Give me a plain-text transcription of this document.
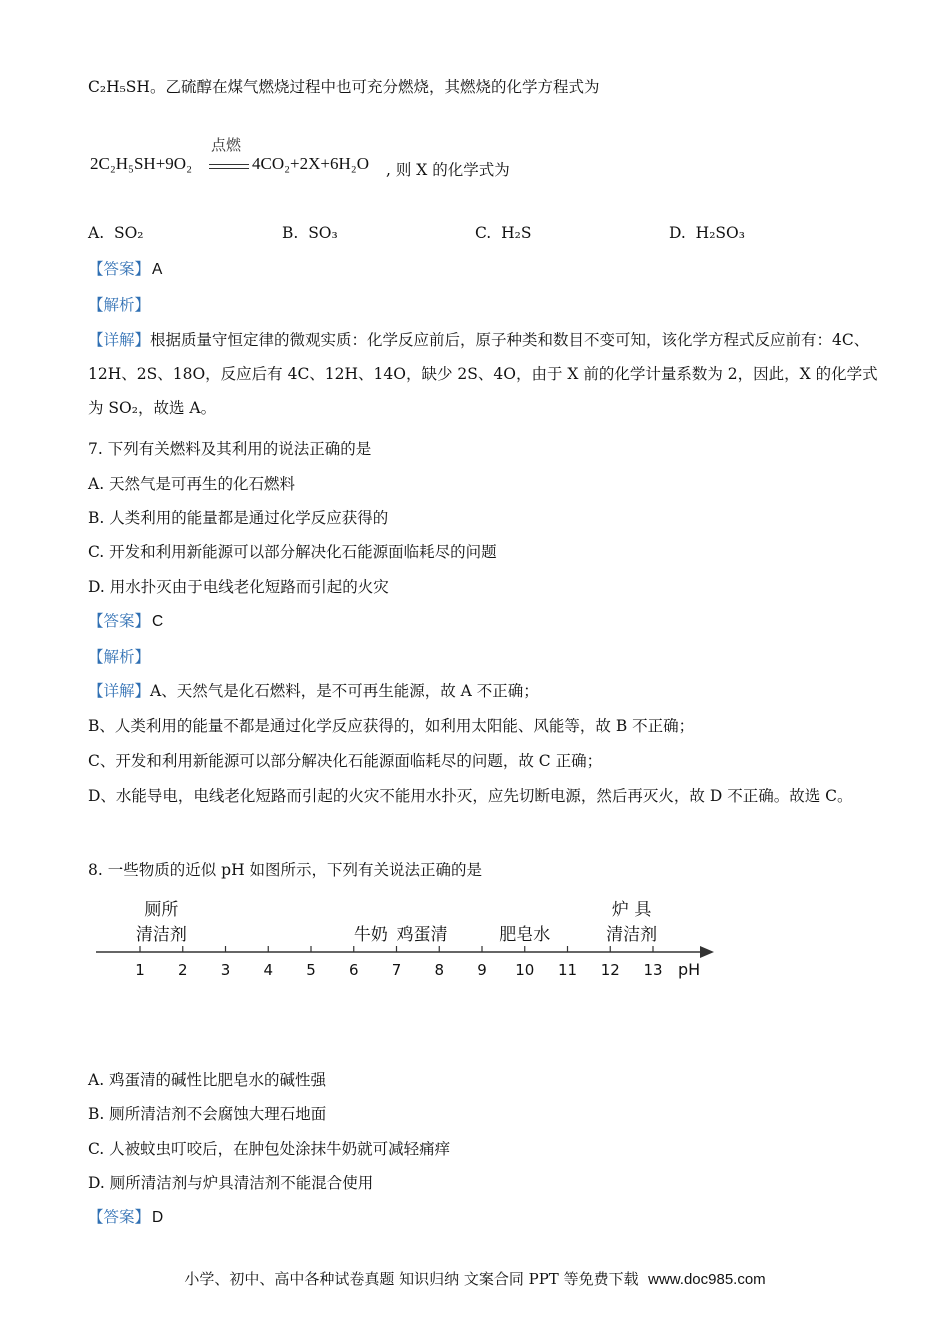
C₂H₅SH。乙硫醇在煤气燃烧过程中也可充分燃烧，其燃烧的化学方程式为
2C₂H₅SH+9O₂
点燃
4CO₂+2X+6H₂O , 则 X 的化学式为
A. SO₂	B. SO₃	C. H₂S	D. H₂SO₃
【答案】 A
【解析】
【详解】根据质量守恒定律的微观实质：化学反应前后，原子种类和数目不变可知，该化学方程式反应前有：4C、12H、2S、18O，反应后有 4C、12H、14O，缺少 2S、4O，由于 X 前的化学计量系数为 2，因此，X 的化学式为 SO₂，故选 A。
7. 下列有关燃料及其利用的说法正确的是
A. 天然气是可再生的化石燃料
B. 人类利用的能量都是通过化学反应获得的
C. 开发和利用新能源可以部分解决化石能源面临耗尽的问题
D. 用水扑灭由于电线老化短路而引起的火灾
【答案】 C
【解析】
【详解】A、天然气是化石燃料，是不可再生能源，故 A 不正确；
B、人类利用的能量不都是通过化学反应获得的，如利用太阳能、风能等，故 B 不正确；
C、开发和利用新能源可以部分解决化石能源面临耗尽的问题，故 C 正确；
D、水能导电，电线老化短路而引起的火灾不能用水扑灭，应先切断电源，然后再灭火，故 D 不正确。故选 C。
8. 一些物质的近似 pH 如图所示，下列有关说法正确的是
pH
1 2 3 4 5 6 7 8 9 10 11 12 13
厕所
清洁剂	牛奶 鸡蛋清	肥皂水
炉 具
清洁剂
A. 鸡蛋清的碱性比肥皂水的碱性强
B. 厕所清洁剂不会腐蚀大理石地面
C. 人被蚊虫叮咬后，在肿包处涂抹牛奶就可减轻痛痒
D. 厕所清洁剂与炉具清洁剂不能混合使用
【答案】 D
小学、初中、高中各种试卷真题 知识归纳 文案合同 PPT 等免费下载 www.doc985.com
